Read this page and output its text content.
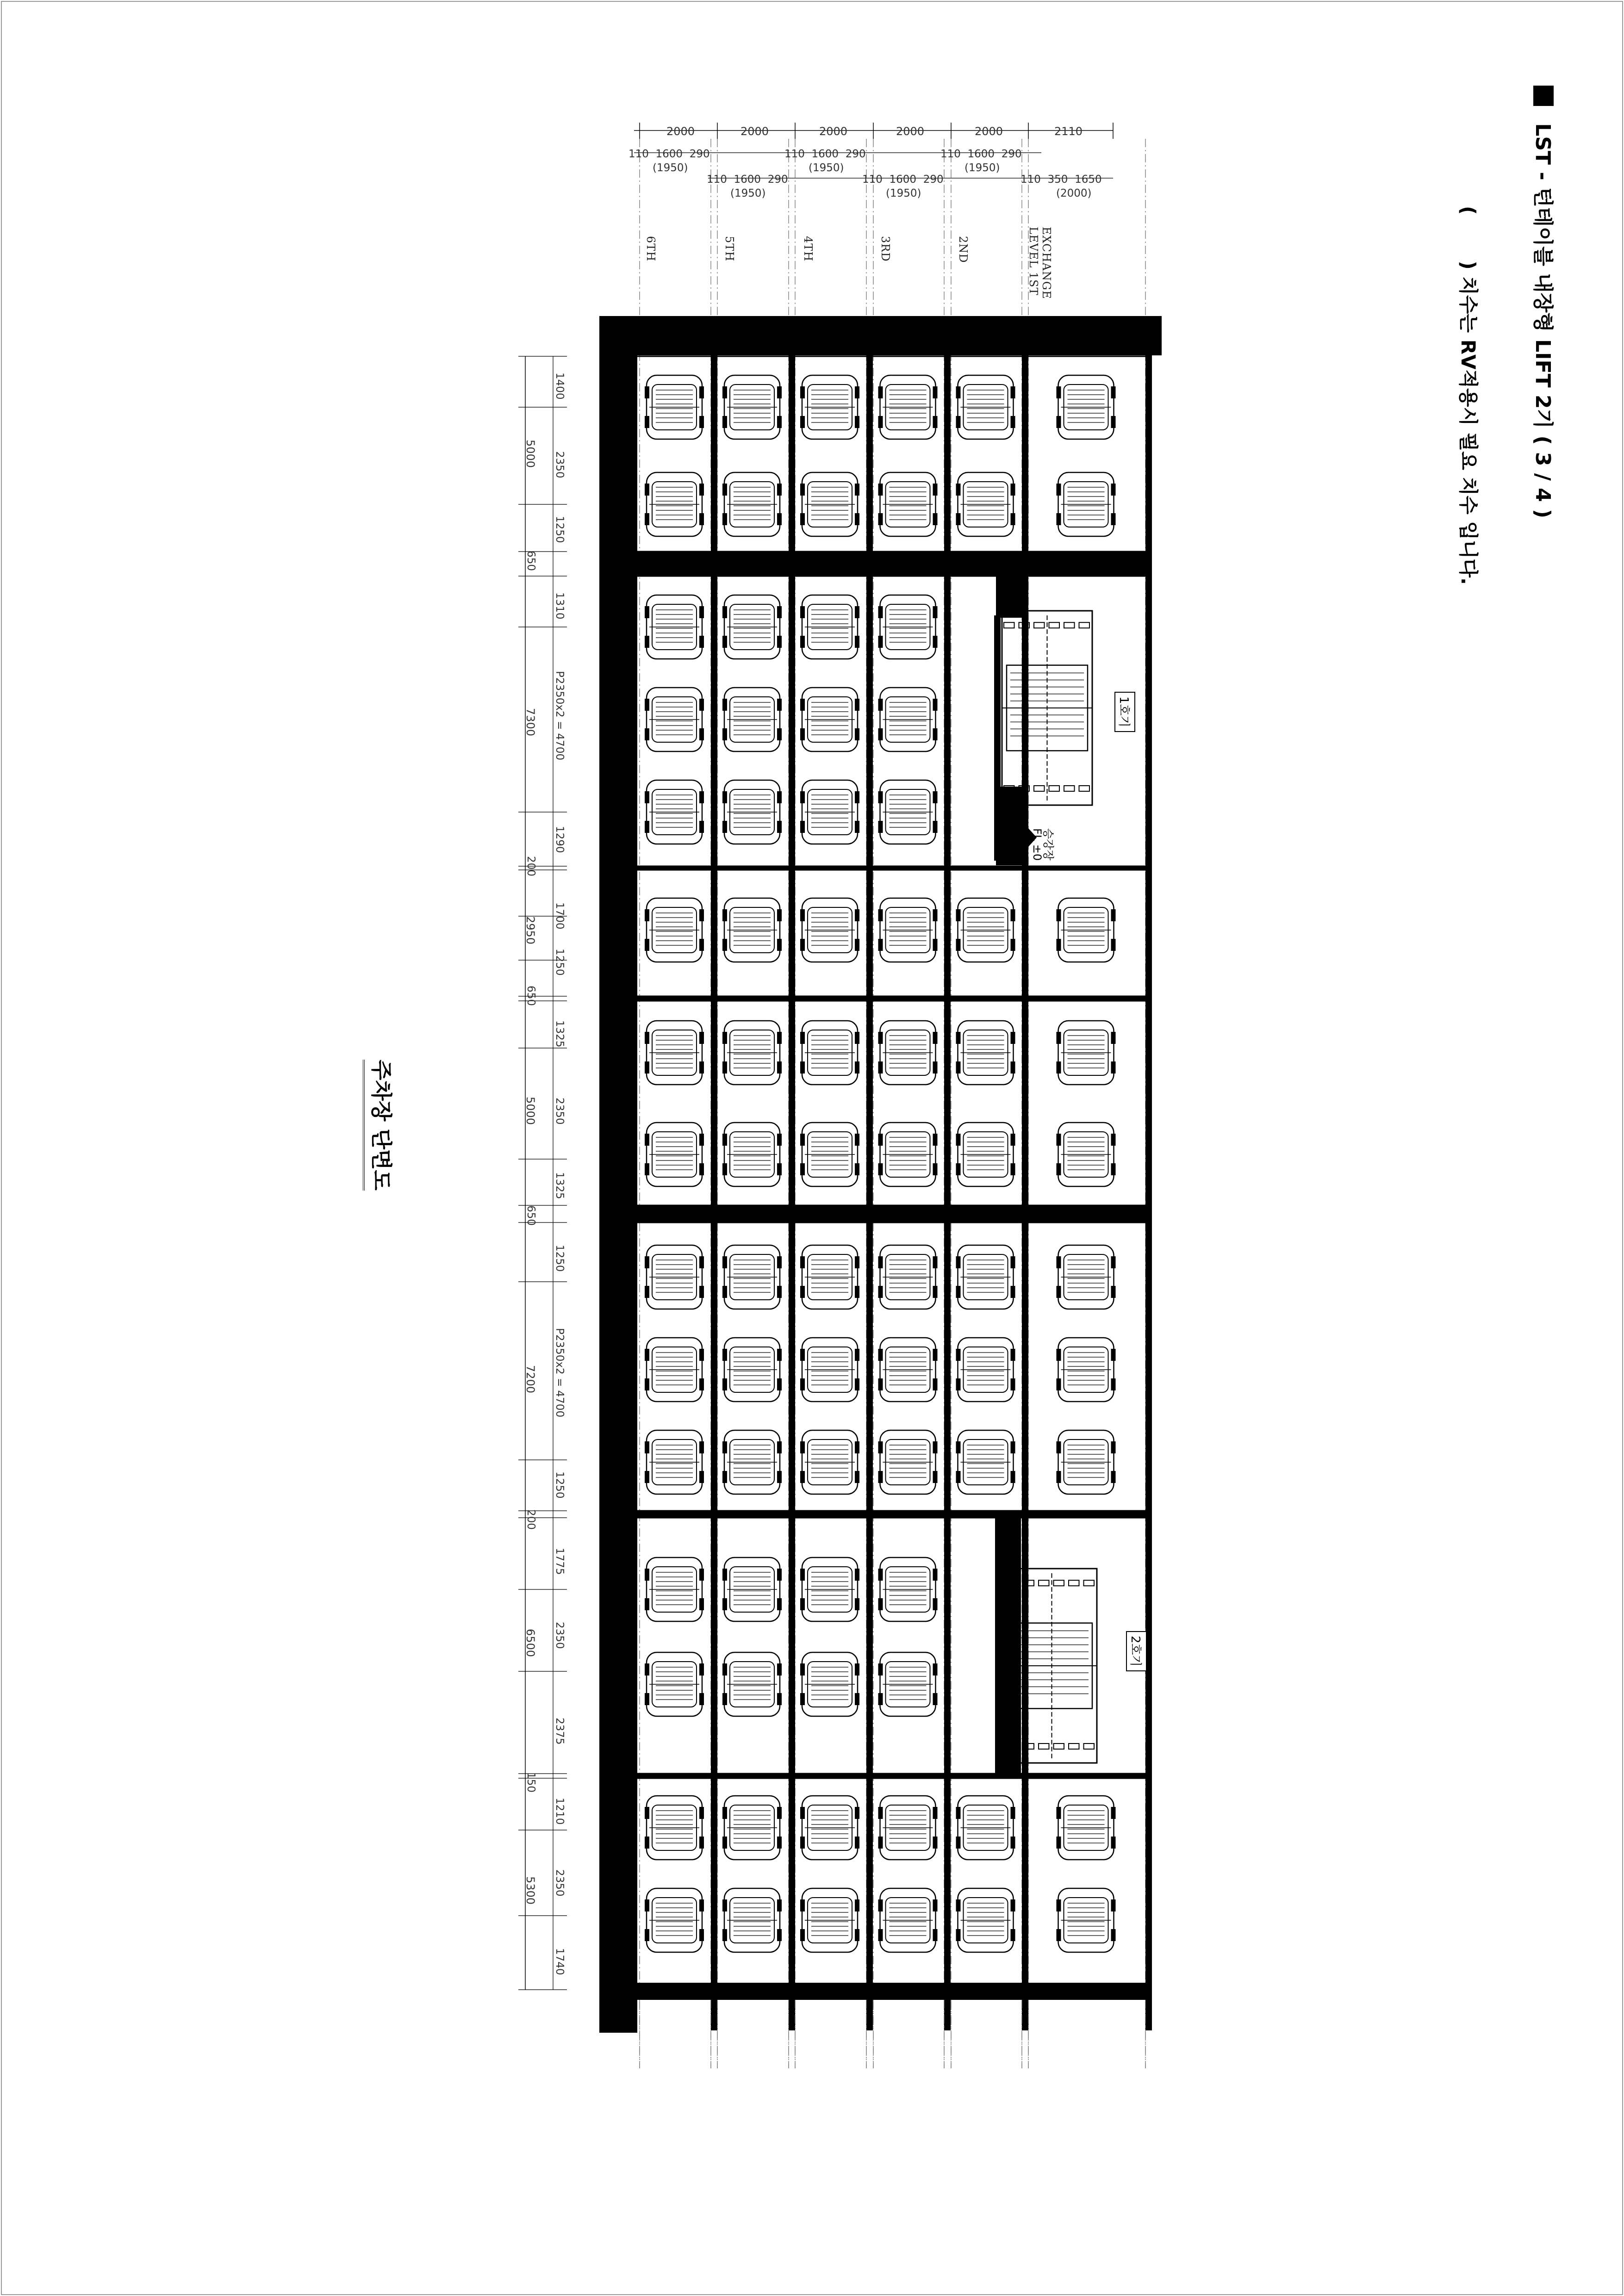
LST - 턴테이블 내장형 LIFT 2기 ( 3 / 4 )
(  ) 치수는 RV적용시 필요 치수 입니다.
주차장 단면도
6TH	5TH	4TH	3RD	2ND	EXCHANGE LEVEL 1ST
2000	2000	2000	2000	2000	2110
110 1600 290
(1950)
110 1600 290
(1950)
110 1600 290
(1950)
110 1600 290
(1950)
110 1600 290
(1950)
110 350 1650
(2000)
5000
650
7300
200
2950
650
5000
650
7200
200
6500
150
5300
1400
2350
1250
1310
P2350x2 = 4700
1290
1700
1250
1325
2350
1325
1250
P2350x2 = 4700
1250
1775
2350
2375
1210
2350
1740
1호기
승강장
FL ±0
2호기
